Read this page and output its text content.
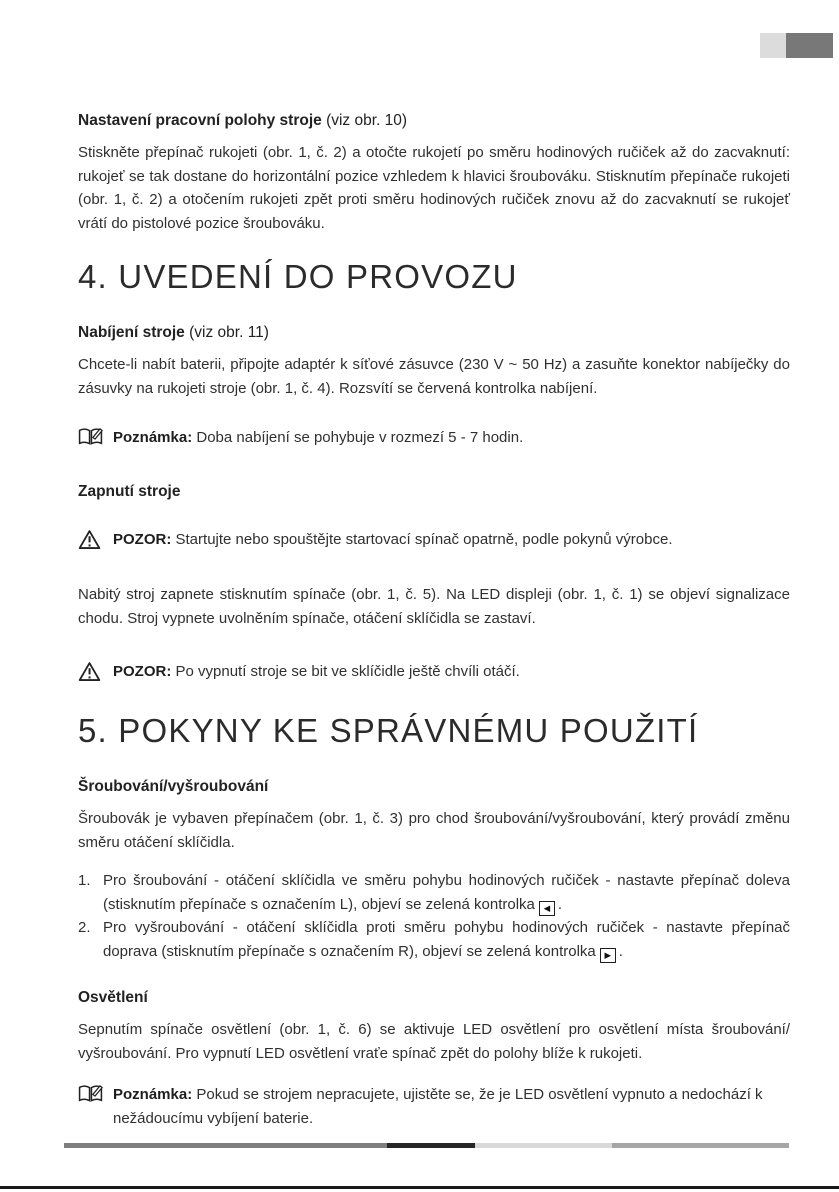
Nastavení pracovní polohy stroje (viz obr. 10)

Stiskněte přepínač rukojeti (obr. 1, č. 2) a otočte rukojetí po směru hodinových ručiček až do zacvaknutí: rukojeť se tak dostane do horizontální pozice vzhledem k hlavici šroubováku. Stisknutím přepínače rukojeti (obr. 1, č. 2) a otočením rukojeti zpět proti směru hodinových ručiček znovu až do zacvaknutí se rukojeť vrátí do pistolové pozice šroubováku.

4. UVEDENÍ DO PROVOZU
Nabíjení stroje (viz obr. 11)

Chcete-li nabít baterii, připojte adaptér k síťové zásuvce (230 V ~ 50 Hz) a zasuňte konektor nabíječky do zásuvky na rukojeti stroje (obr. 1, č. 4). Rozsvítí se červená kontrolka nabíjení.

Poznámka: Doba nabíjení se pohybuje v rozmezí 5 - 7 hodin.
Zapnutí stroje
POZOR: Startujte nebo spouštějte startovací spínač opatrně, podle pokynů výrobce.

Nabitý stroj zapnete stisknutím spínače (obr. 1, č. 5). Na LED displeji (obr. 1, č. 1) se objeví signalizace chodu. Stroj vypnete uvolněním spínače, otáčení sklíčidla se zastaví.

POZOR: Po vypnutí stroje se bit ve sklíčidle ještě chvíli otáčí.
5. POKYNY KE SPRÁVNÉMU POUŽITÍ
Šroubování/vyšroubování

Šroubovák je vybaven přepínačem (obr. 1, č. 3) pro chod šroubování/vyšroubování, který provádí změnu směru otáčení sklíčidla.

1. Pro šroubování - otáčení sklíčidla ve směru pohybu hodinových ručiček - nastavte přepínač doleva (stisknutím přepínače s označením L), objeví se zelená kontrolka ◀ .
2. Pro vyšroubování - otáčení sklíčidla proti směru pohybu hodinových ručiček - nastavte přepínač doprava (stisknutím přepínače s označením R), objeví se zelená kontrolka ▶ .
Osvětlení

Sepnutím spínače osvětlení (obr. 1, č. 6) se aktivuje LED osvětlení pro osvětlení místa šroubování/ vyšroubování. Pro vypnutí LED osvětlení vraťe spínač zpět do polohy blíže k rukojeti.

Poznámka: Pokud se strojem nepracujete, ujistěte se, že je LED osvětlení vypnuto a nedochází k nežádoucímu vybíjení baterie.
